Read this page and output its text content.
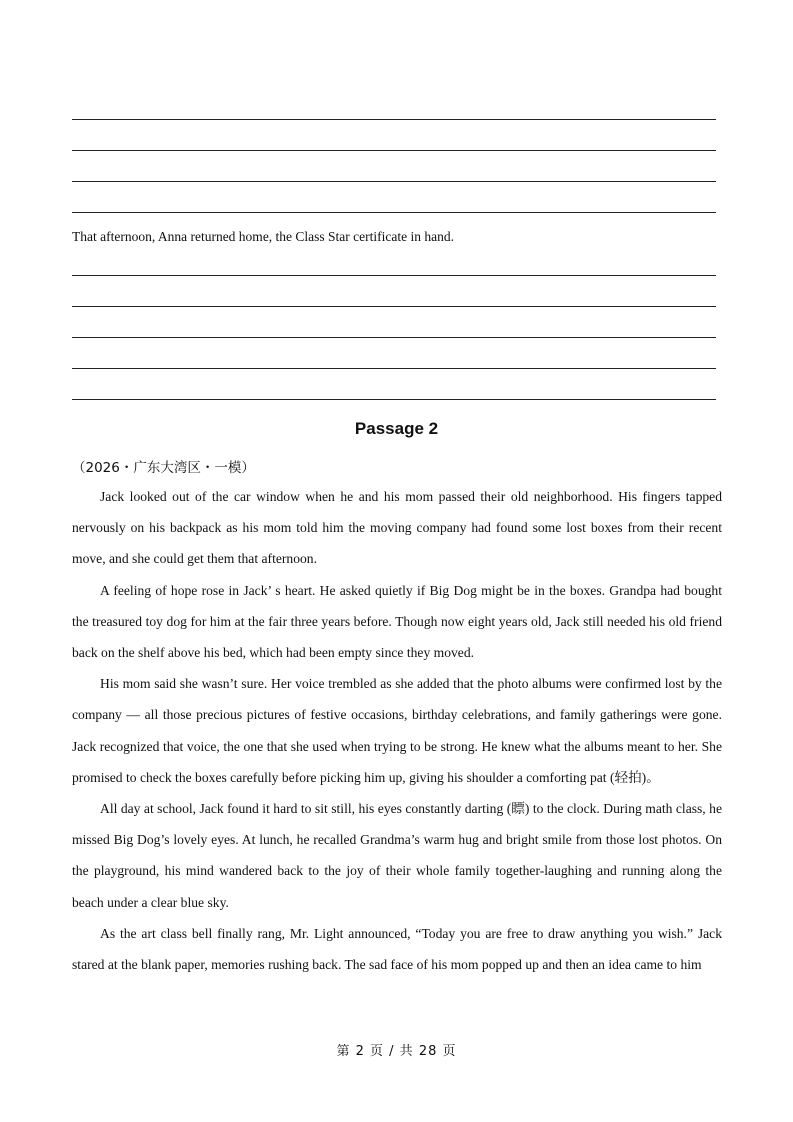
That afternoon, Anna returned home, the Class Star certificate in hand.
Passage 2
（2026・广东大湾区・一模）

Jack looked out of the car window when he and his mom passed their old neighborhood. His fingers tapped nervously on his backpack as his mom told him the moving company had found some lost boxes from their recent move, and she could get them that afternoon.

A feeling of hope rose in Jack’ s heart. He asked quietly if Big Dog might be in the boxes. Grandpa had bought the treasured toy dog for him at the fair three years before. Though now eight years old, Jack still needed his old friend back on the shelf above his bed, which had been empty since they moved.

His mom said she wasn’t sure. Her voice trembled as she added that the photo albums were confirmed lost by the company — all those precious pictures of festive occasions, birthday celebrations, and family gatherings were gone. Jack recognized that voice, the one that she used when trying to be strong. He knew what the albums meant to her. She promised to check the boxes carefully before picking him up, giving his shoulder a comforting pat (轻拍)。

All day at school, Jack found it hard to sit still, his eyes constantly darting (瞟) to the clock. During math class, he missed Big Dog’s lovely eyes. At lunch, he recalled Grandma’s warm hug and bright smile from those lost photos. On the playground, his mind wandered back to the joy of their whole family together-laughing and running along the beach under a clear blue sky.

As the art class bell finally rang, Mr. Light announced, “Today you are free to draw anything you wish.” Jack stared at the blank paper, memories rushing back. The sad face of his mom popped up and then an idea came to him

第 2 页 / 共 28 页
